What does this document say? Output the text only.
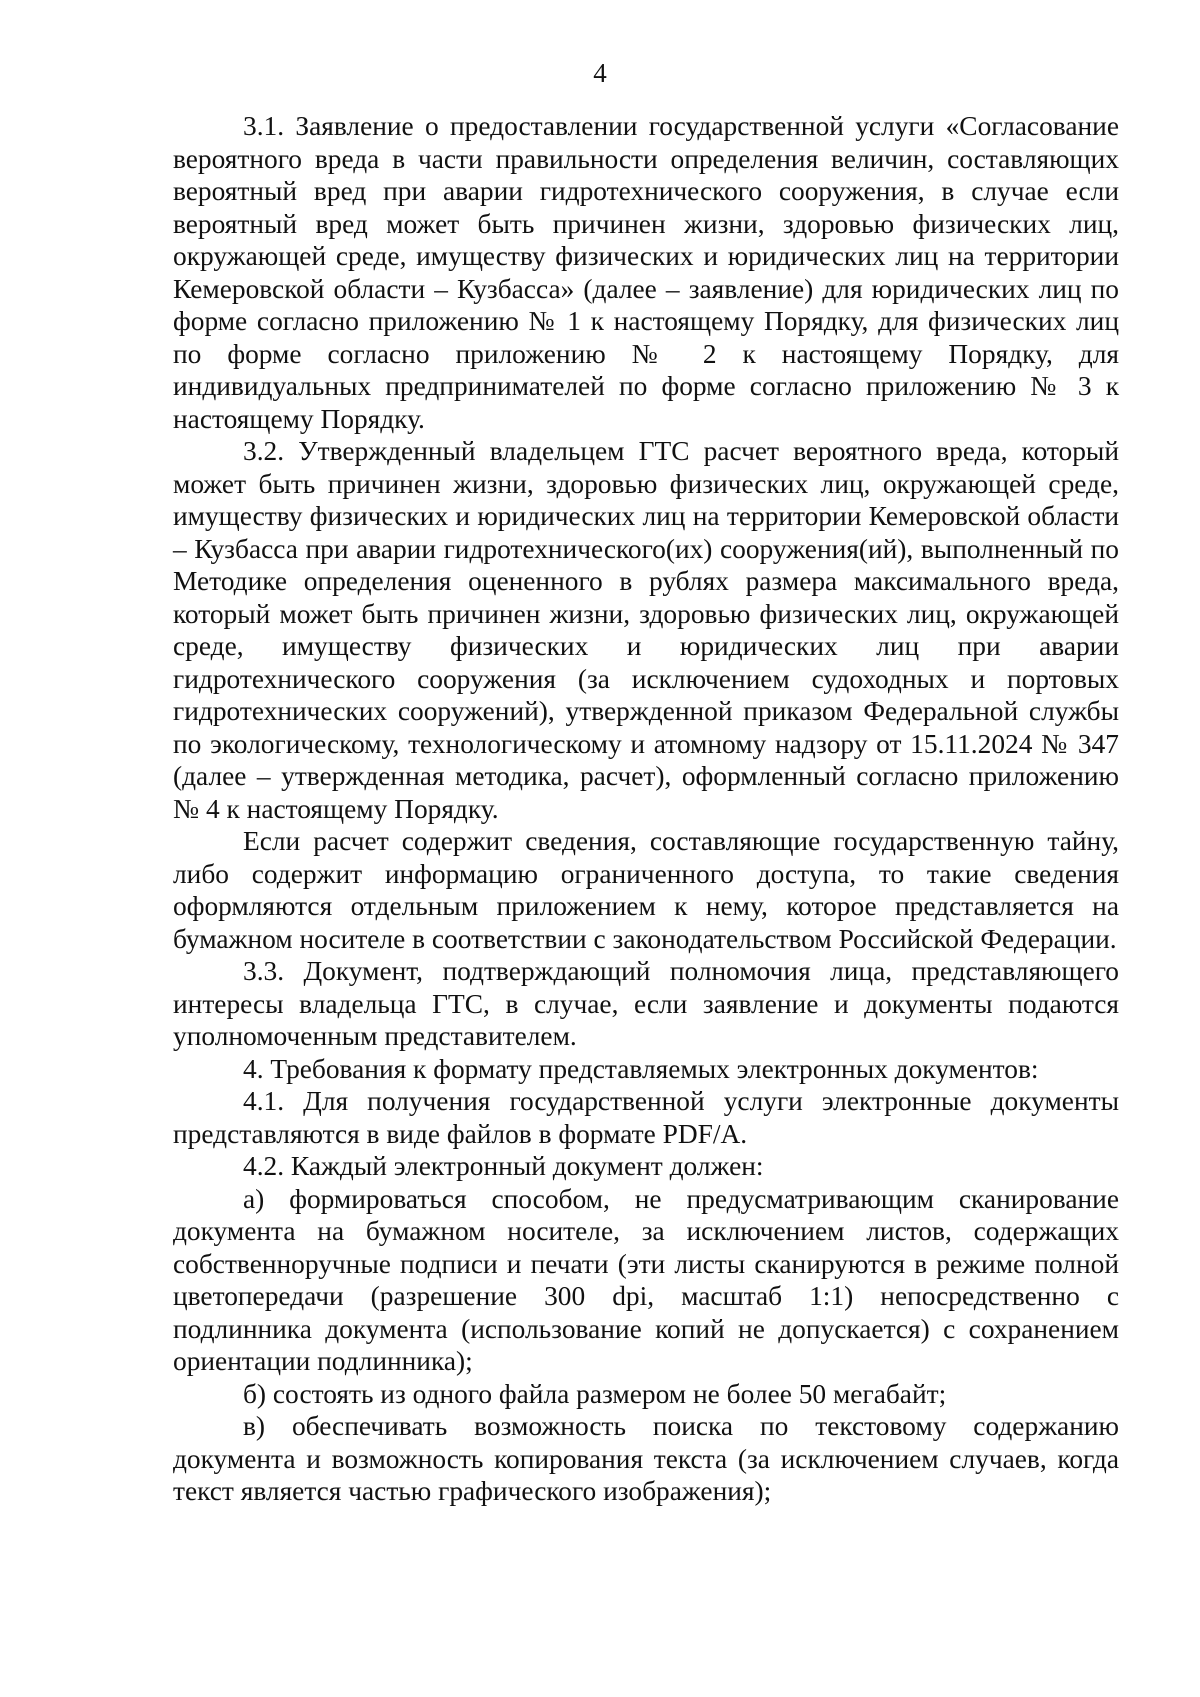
4

3.1. Заявление о предоставлении государственной услуги «Согласование вероятного вреда в части правильности определения величин, составляющих вероятный вред при аварии гидротехнического сооружения, в случае если вероятный вред может быть причинен жизни, здоровью физических лиц, окружающей среде, имуществу физических и юридических лиц на территории Кемеровской области – Кузбасса» (далее – заявление) для юридических лиц по форме согласно приложению № 1 к настоящему Порядку, для физических лиц по форме согласно приложению № 2 к настоящему Порядку, для индивидуальных предпринимателей по форме согласно приложению № 3 к настоящему Порядку.

3.2. Утвержденный владельцем ГТС расчет вероятного вреда, который может быть причинен жизни, здоровью физических лиц, окружающей среде, имуществу физических и юридических лиц на территории Кемеровской области – Кузбасса при аварии гидротехнического(их) сооружения(ий), выполненный по Методике определения оцененного в рублях размера максимального вреда, который может быть причинен жизни, здоровью физических лиц, окружающей среде, имуществу физических и юридических лиц при аварии гидротехнического сооружения (за исключением судоходных и портовых гидротехнических сооружений), утвержденной приказом Федеральной службы по экологическому, технологическому и атомному надзору от 15.11.2024 № 347 (далее – утвержденная методика, расчет), оформленный согласно приложению № 4 к настоящему Порядку.

Если расчет содержит сведения, составляющие государственную тайну, либо содержит информацию ограниченного доступа, то такие сведения оформляются отдельным приложением к нему, которое представляется на бумажном носителе в соответствии с законодательством Российской Федерации.

3.3. Документ, подтверждающий полномочия лица, представляющего интересы владельца ГТС, в случае, если заявление и документы подаются уполномоченным представителем.

4. Требования к формату представляемых электронных документов:

4.1. Для получения государственной услуги электронные документы представляются в виде файлов в формате PDF/A.

4.2. Каждый электронный документ должен:

а) формироваться способом, не предусматривающим сканирование документа на бумажном носителе, за исключением листов, содержащих собственноручные подписи и печати (эти листы сканируются в режиме полной цветопередачи (разрешение 300 dpi, масштаб 1:1) непосредственно с подлинника документа (использование копий не допускается) с сохранением ориентации подлинника);

б) состоять из одного файла размером не более 50 мегабайт;

в) обеспечивать возможность поиска по текстовому содержанию документа и возможность копирования текста (за исключением случаев, когда текст является частью графического изображения);
